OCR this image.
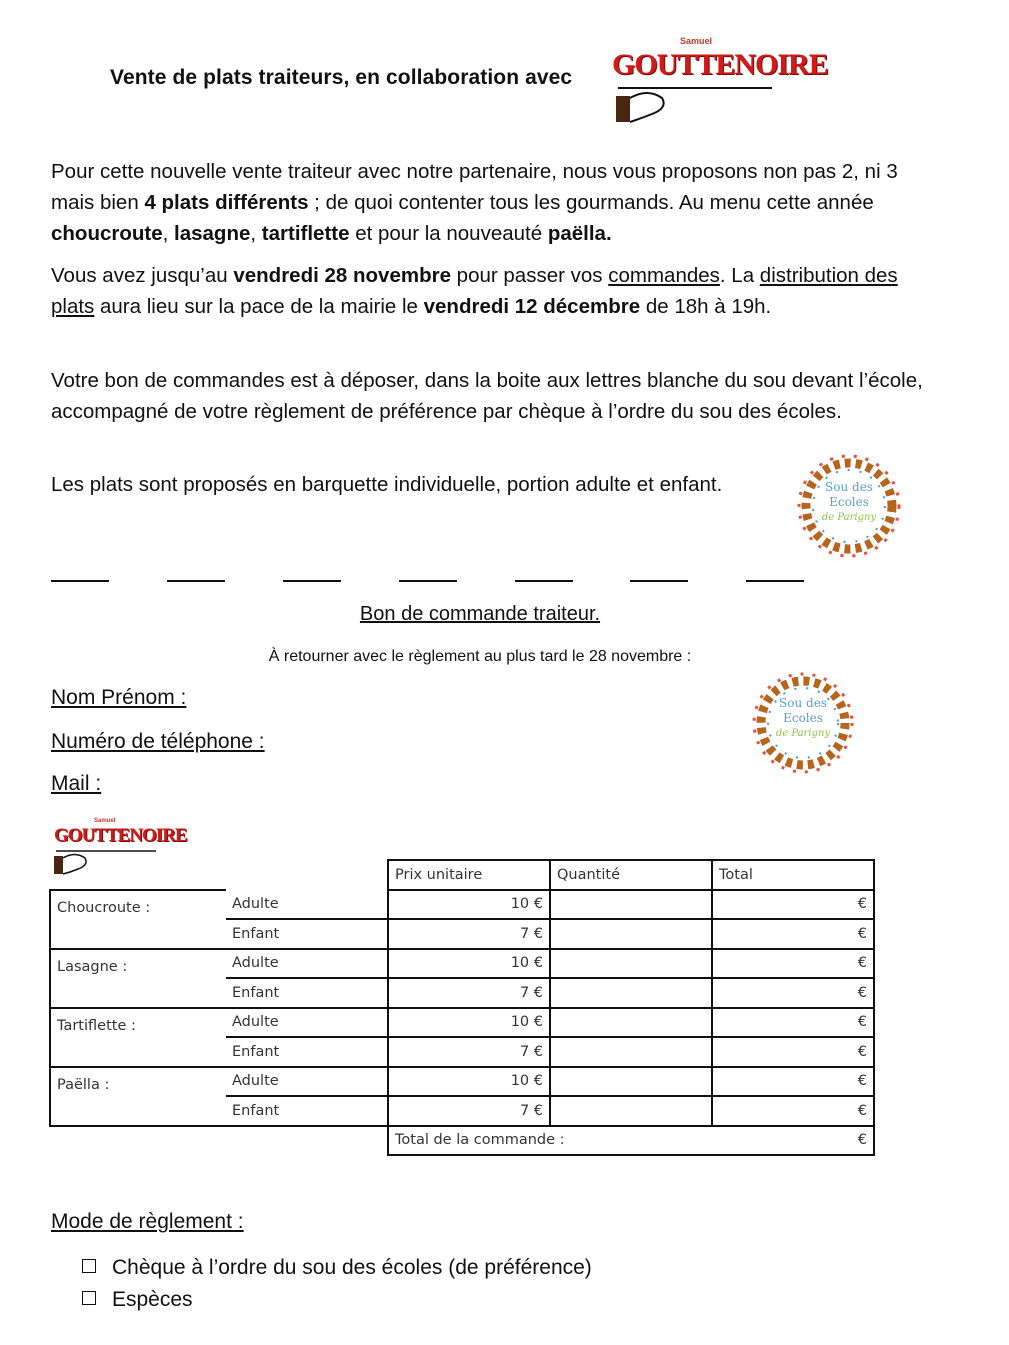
Vente de plats traiteurs, en collaboration avec
Samuel
GOUTTENOIRE
Pour cette nouvelle vente traiteur avec notre partenaire, nous vous proposons non pas 2, ni 3 mais bien 4 plats différents ; de quoi contenter tous les gourmands. Au menu cette année choucroute, lasagne, tartiflette et pour la nouveauté paëlla.
Vous avez jusqu’au vendredi 28 novembre pour passer vos commandes. La distribution des plats aura lieu sur la pace de la mairie le vendredi 12 décembre de 18h à 19h.
Votre bon de commandes est à déposer, dans la boite aux lettres blanche du sou devant l’école, accompagné de votre règlement de préférence par chèque à l’ordre du sou des écoles.
Les plats sont proposés en barquette individuelle, portion adulte et enfant.	Sou des
Ecoles
de Parigny
Bon de commande traiteur.
À retourner avec le règlement au plus tard le 28 novembre :
Nom Prénom :
Numéro de téléphone :
Mail :
Sou des
Ecoles
de Parigny
Samuel
GOUTTENOIRE
		Prix unitaire	Quantité	Total
Choucroute :	Adulte	10 €		€
	Enfant	7 €		€
Lasagne :	Adulte	10 €		€
	Enfant	7 €		€
Tartiflette :	Adulte	10 €		€
	Enfant	7 €		€
Paëlla :	Adulte	10 €		€
	Enfant	7 €		€
		Total de la commande :		€
Mode de règlement :
Chèque à l’ordre du sou des écoles (de préférence)
Espèces
